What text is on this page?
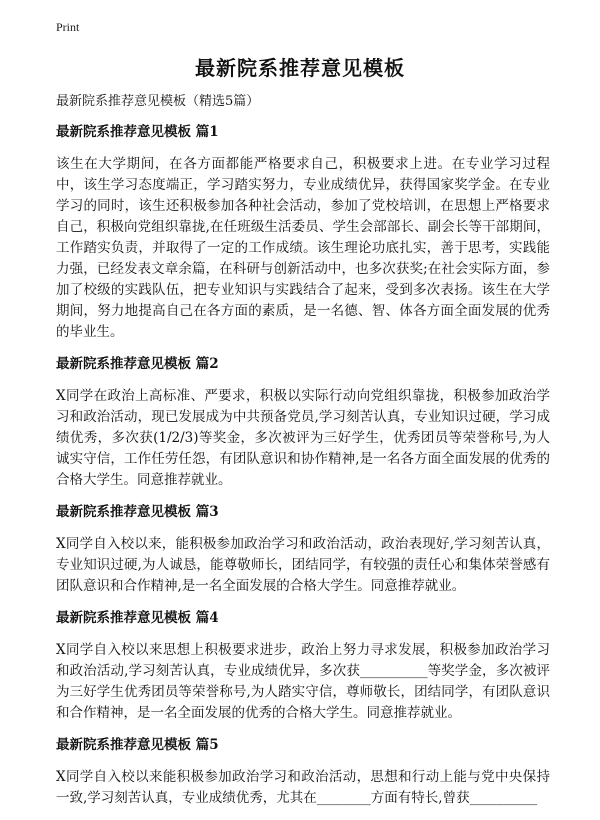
Print
最新院系推荐意见模板
最新院系推荐意见模板（精选5篇）
最新院系推荐意见模板 篇1
该生在大学期间，在各方面都能严格要求自己，积极要求上进。在专业学习过程中，该生学习态度端正，学习踏实努力，专业成绩优异，获得国家奖学金。在专业学习的同时，该生还积极参加各种社会活动，参加了党校培训，在思想上严格要求自己，积极向党组织靠拢,在任班级生活委员、学生会部部长、副会长等干部期间，工作踏实负责，并取得了一定的工作成绩。该生理论功底扎实，善于思考，实践能力强，已经发表文章余篇，在科研与创新活动中，也多次获奖;在社会实际方面，参加了校级的实践队伍，把专业知识与实践结合了起来，受到多次表扬。该生在大学期间，努力地提高自己在各方面的素质，是一名德、智、体各方面全面发展的优秀的毕业生。
最新院系推荐意见模板 篇2
X同学在政治上高标准、严要求，积极以实际行动向党组织靠拢，积极参加政治学习和政治活动，现已发展成为中共预备党员,学习刻苦认真，专业知识过硬，学习成绩优秀，多次获(1/2/3)等奖金，多次被评为三好学生，优秀团员等荣誉称号,为人诚实守信，工作任劳任怨，有团队意识和协作精神,是一名各方面全面发展的优秀的合格大学生。同意推荐就业。
最新院系推荐意见模板 篇3
X同学自入校以来，能积极参加政治学习和政治活动，政治表现好,学习刻苦认真，专业知识过硬,为人诚恳，能尊敬师长，团结同学，有较强的责任心和集体荣誉感有团队意识和合作精神,是一名全面发展的合格大学生。同意推荐就业。
最新院系推荐意见模板 篇4
X同学自入校以来思想上积极要求进步，政治上努力寻求发展，积极参加政治学习和政治活动,学习刻苦认真，专业成绩优异，多次获__________等奖学金，多次被评为三好学生优秀团员等荣誉称号,为人踏实守信，尊师敬长，团结同学，有团队意识和合作精神，是一名全面发展的优秀的合格大学生。同意推荐就业。
最新院系推荐意见模板 篇5
X同学自入校以来能积极参加政治学习和政治活动，思想和行动上能与党中央保持一致,学习刻苦认真，专业成绩优秀，尤其在________方面有特长,曾获__________
